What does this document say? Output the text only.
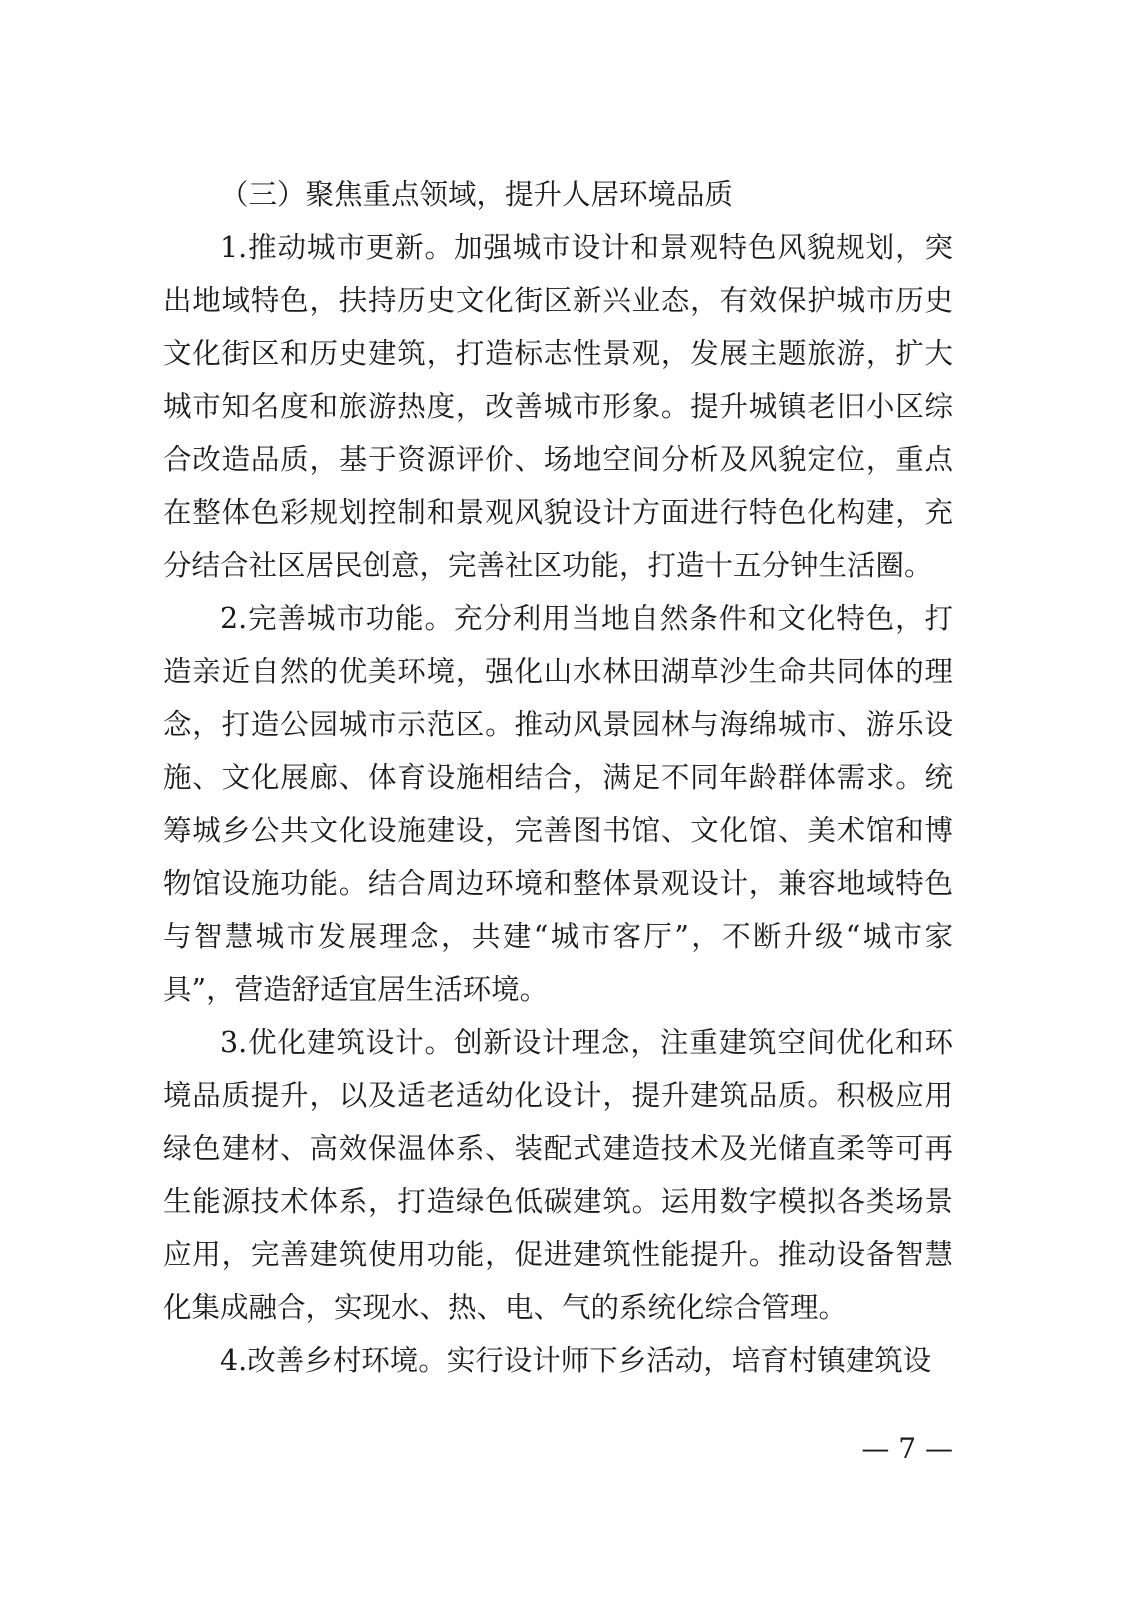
（三）聚焦重点领域，提升人居环境品质

1.推动城市更新。加强城市设计和景观特色风貌规划，突出地域特色，扶持历史文化街区新兴业态，有效保护城市历史文化街区和历史建筑，打造标志性景观，发展主题旅游，扩大城市知名度和旅游热度，改善城市形象。提升城镇老旧小区综合改造品质，基于资源评价、场地空间分析及风貌定位，重点在整体色彩规划控制和景观风貌设计方面进行特色化构建，充分结合社区居民创意，完善社区功能，打造十五分钟生活圈。

2.完善城市功能。充分利用当地自然条件和文化特色，打造亲近自然的优美环境，强化山水林田湖草沙生命共同体的理念，打造公园城市示范区。推动风景园林与海绵城市、游乐设施、文化展廊、体育设施相结合，满足不同年龄群体需求。统筹城乡公共文化设施建设，完善图书馆、文化馆、美术馆和博物馆设施功能。结合周边环境和整体景观设计，兼容地域特色与智慧城市发展理念，共建“城市客厅”，不断升级“城市家具”，营造舒适宜居生活环境。

3.优化建筑设计。创新设计理念，注重建筑空间优化和环境品质提升，以及适老适幼化设计，提升建筑品质。积极应用绿色建材、高效保温体系、装配式建造技术及光储直柔等可再生能源技术体系，打造绿色低碳建筑。运用数字模拟各类场景应用，完善建筑使用功能，促进建筑性能提升。推动设备智慧化集成融合，实现水、热、电、气的系统化综合管理。

4.改善乡村环境。实行设计师下乡活动，培育村镇建筑设

— 7 —
